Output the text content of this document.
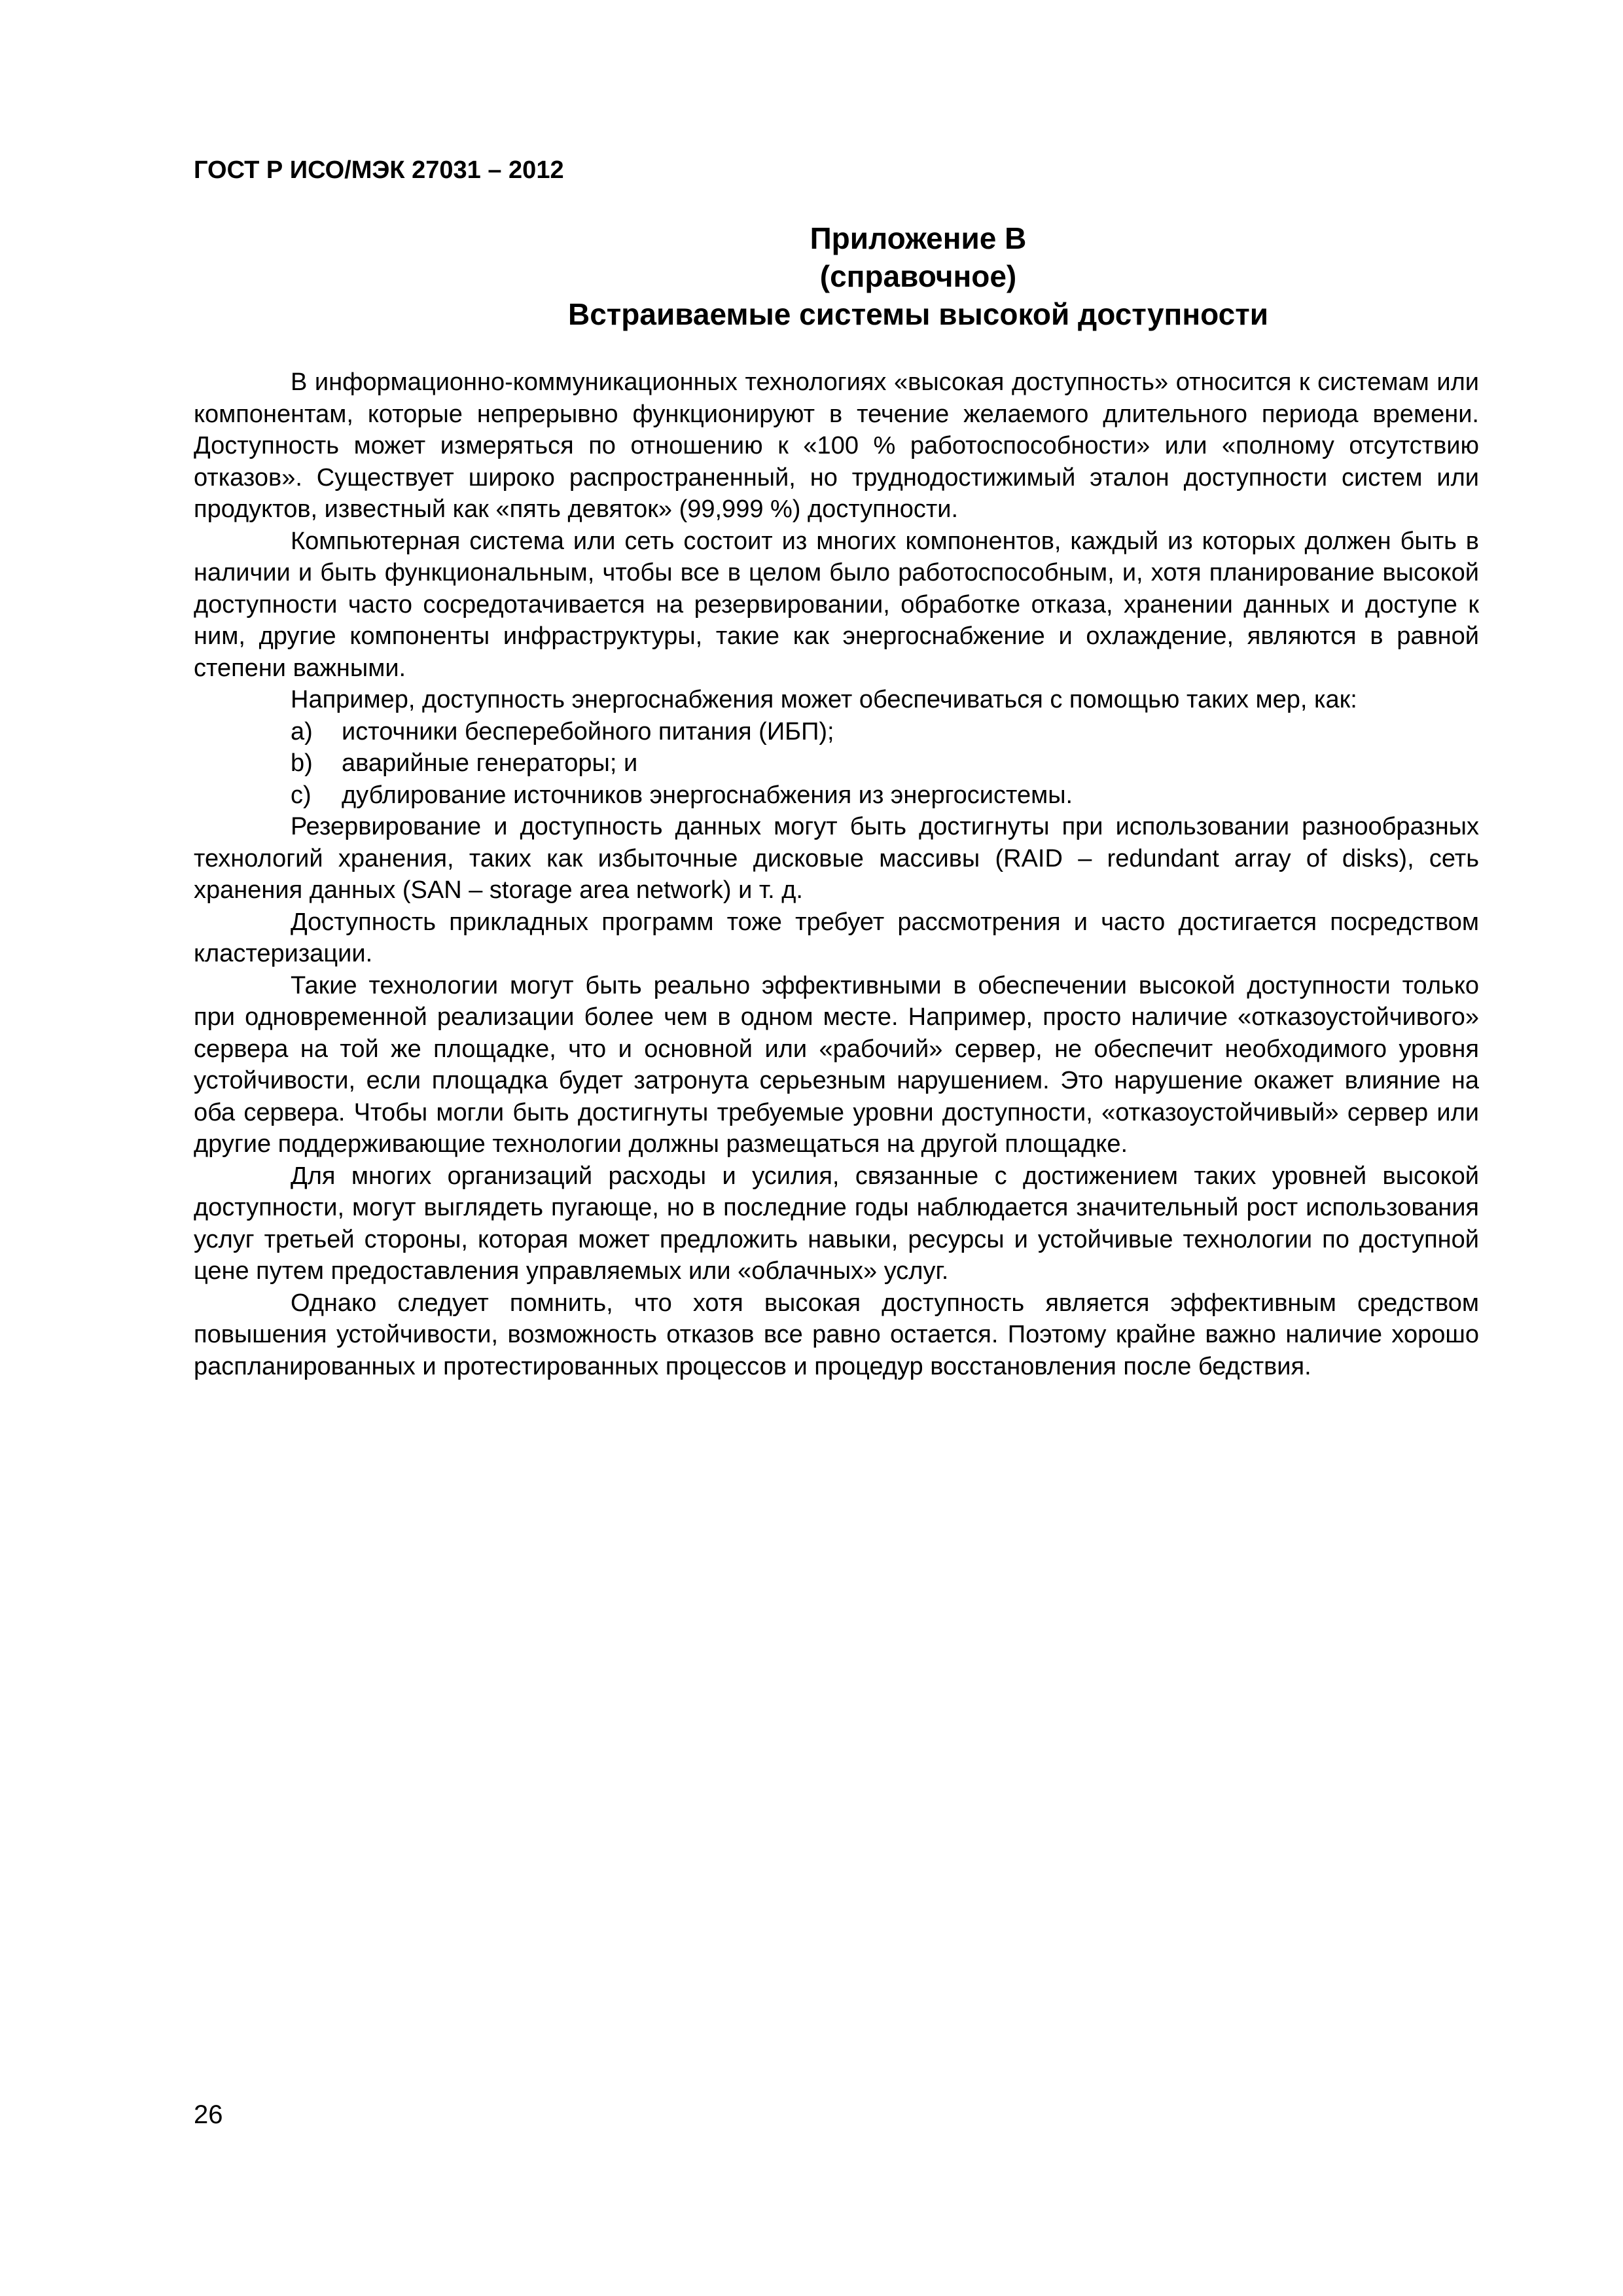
ГОСТ Р ИСО/МЭК 27031 – 2012
Приложение В
(справочное)
Встраиваемые системы высокой доступности

В информационно-коммуникационных технологиях «высокая доступность» относится к системам или компонентам, которые непрерывно функционируют в течение желаемого длительного периода времени. Доступность может измеряться по отношению к «100 % работоспособности» или «полному отсутствию отказов». Существует широко распространенный, но труднодостижимый эталон доступности систем или продуктов, известный как «пять девяток» (99,999 %) доступности.

Компьютерная система или сеть состоит из многих компонентов, каждый из которых должен быть в наличии и быть функциональным, чтобы все в целом было работоспособным, и, хотя планирование высокой доступности часто сосредотачивается на резервировании, обработке отказа, хранении данных и доступе к ним, другие компоненты инфраструктуры, такие как энергоснабжение и охлаждение, являются в равной степени важными.

Например, доступность энергоснабжения может обеспечиваться с помощью таких мер, как:

a) источники бесперебойного питания (ИБП);
b) аварийные генераторы; и
c) дублирование источников энергоснабжения из энергосистемы.

Резервирование и доступность данных могут быть достигнуты при использовании разнообразных технологий хранения, таких как избыточные дисковые массивы (RAID – redundant array of disks), сеть хранения данных (SAN – storage area network) и т. д.

Доступность прикладных программ тоже требует рассмотрения и часто достигается посредством кластеризации.

Такие технологии могут быть реально эффективными в обеспечении высокой доступности только при одновременной реализации более чем в одном месте. Например, просто наличие «отказоустойчивого» сервера на той же площадке, что и основной или «рабочий» сервер, не обеспечит необходимого уровня устойчивости, если площадка будет затронута серьезным нарушением. Это нарушение окажет влияние на оба сервера. Чтобы могли быть достигнуты требуемые уровни доступности, «отказоустойчивый» сервер или другие поддерживающие технологии должны размещаться на другой площадке.

Для многих организаций расходы и усилия, связанные с достижением таких уровней высокой доступности, могут выглядеть пугающе, но в последние годы наблюдается значительный рост использования услуг третьей стороны, которая может предложить навыки, ресурсы и устойчивые технологии по доступной цене путем предоставления управляемых или «облачных» услуг.

Однако следует помнить, что хотя высокая доступность является эффективным средством повышения устойчивости, возможность отказов все равно остается. Поэтому крайне важно наличие хорошо распланированных и протестированных процессов и процедур восстановления после бедствия.

26
